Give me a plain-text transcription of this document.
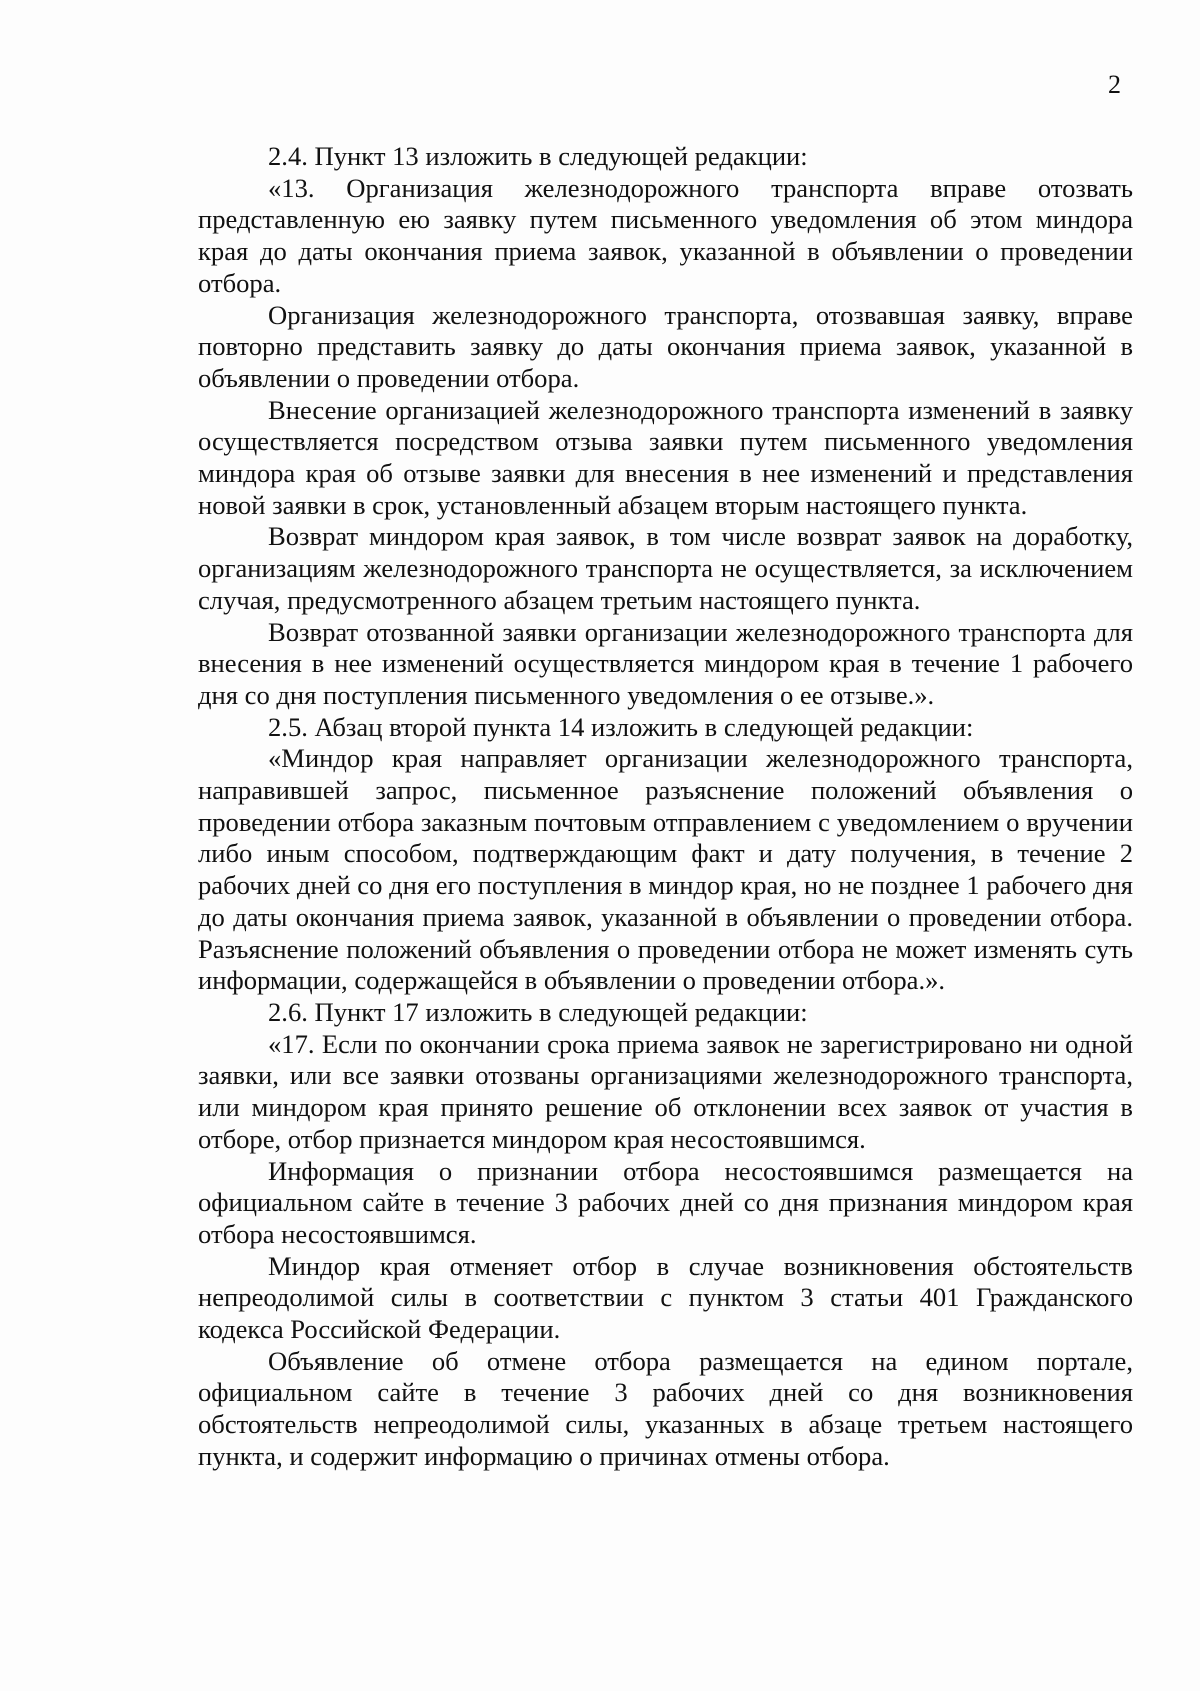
2

2.4. Пункт 13 изложить в следующей редакции:

«13. Организация железнодорожного транспорта вправе отозвать представленную ею заявку путем письменного уведомления об этом миндора края до даты окончания приема заявок, указанной в объявлении о проведении отбора.

Организация железнодорожного транспорта, отозвавшая заявку, вправе повторно представить заявку до даты окончания приема заявок, указанной в объявлении о проведении отбора.

Внесение организацией железнодорожного транспорта изменений в заявку осуществляется посредством отзыва заявки путем письменного уведомления миндора края об отзыве заявки для внесения в нее изменений и представления новой заявки в срок, установленный абзацем вторым настоящего пункта.

Возврат миндором края заявок, в том числе возврат заявок на доработку, организациям железнодорожного транспорта не осуществляется, за исключением случая, предусмотренного абзацем третьим настоящего пункта.

Возврат отозванной заявки организации железнодорожного транспорта для внесения в нее изменений осуществляется миндором края в течение 1 рабочего дня со дня поступления письменного уведомления о ее отзыве.».

2.5. Абзац второй пункта 14 изложить в следующей редакции:

«Миндор края направляет организации железнодорожного транспорта, направившей запрос, письменное разъяснение положений объявления о проведении отбора заказным почтовым отправлением с уведомлением о вручении либо иным способом, подтверждающим факт и дату получения, в течение 2 рабочих дней со дня его поступления в миндор края, но не позднее 1 рабочего дня до даты окончания приема заявок, указанной в объявлении о проведении отбора. Разъяснение положений объявления о проведении отбора не может изменять суть информации, содержащейся в объявлении о проведении отбора.».

2.6. Пункт 17 изложить в следующей редакции:

«17. Если по окончании срока приема заявок не зарегистрировано ни одной заявки, или все заявки отозваны организациями железнодорожного транспорта, или миндором края принято решение об отклонении всех заявок от участия в отборе, отбор признается миндором края несостоявшимся.

Информация о признании отбора несостоявшимся размещается на официальном сайте в течение 3 рабочих дней со дня признания миндором края отбора несостоявшимся.

Миндор края отменяет отбор в случае возникновения обстоятельств непреодолимой силы в соответствии с пунктом 3 статьи 401 Гражданского кодекса Российской Федерации.

Объявление об отмене отбора размещается на едином портале, официальном сайте в течение 3 рабочих дней со дня возникновения обстоятельств непреодолимой силы, указанных в абзаце третьем настоящего пункта, и содержит информацию о причинах отмены отбора.
